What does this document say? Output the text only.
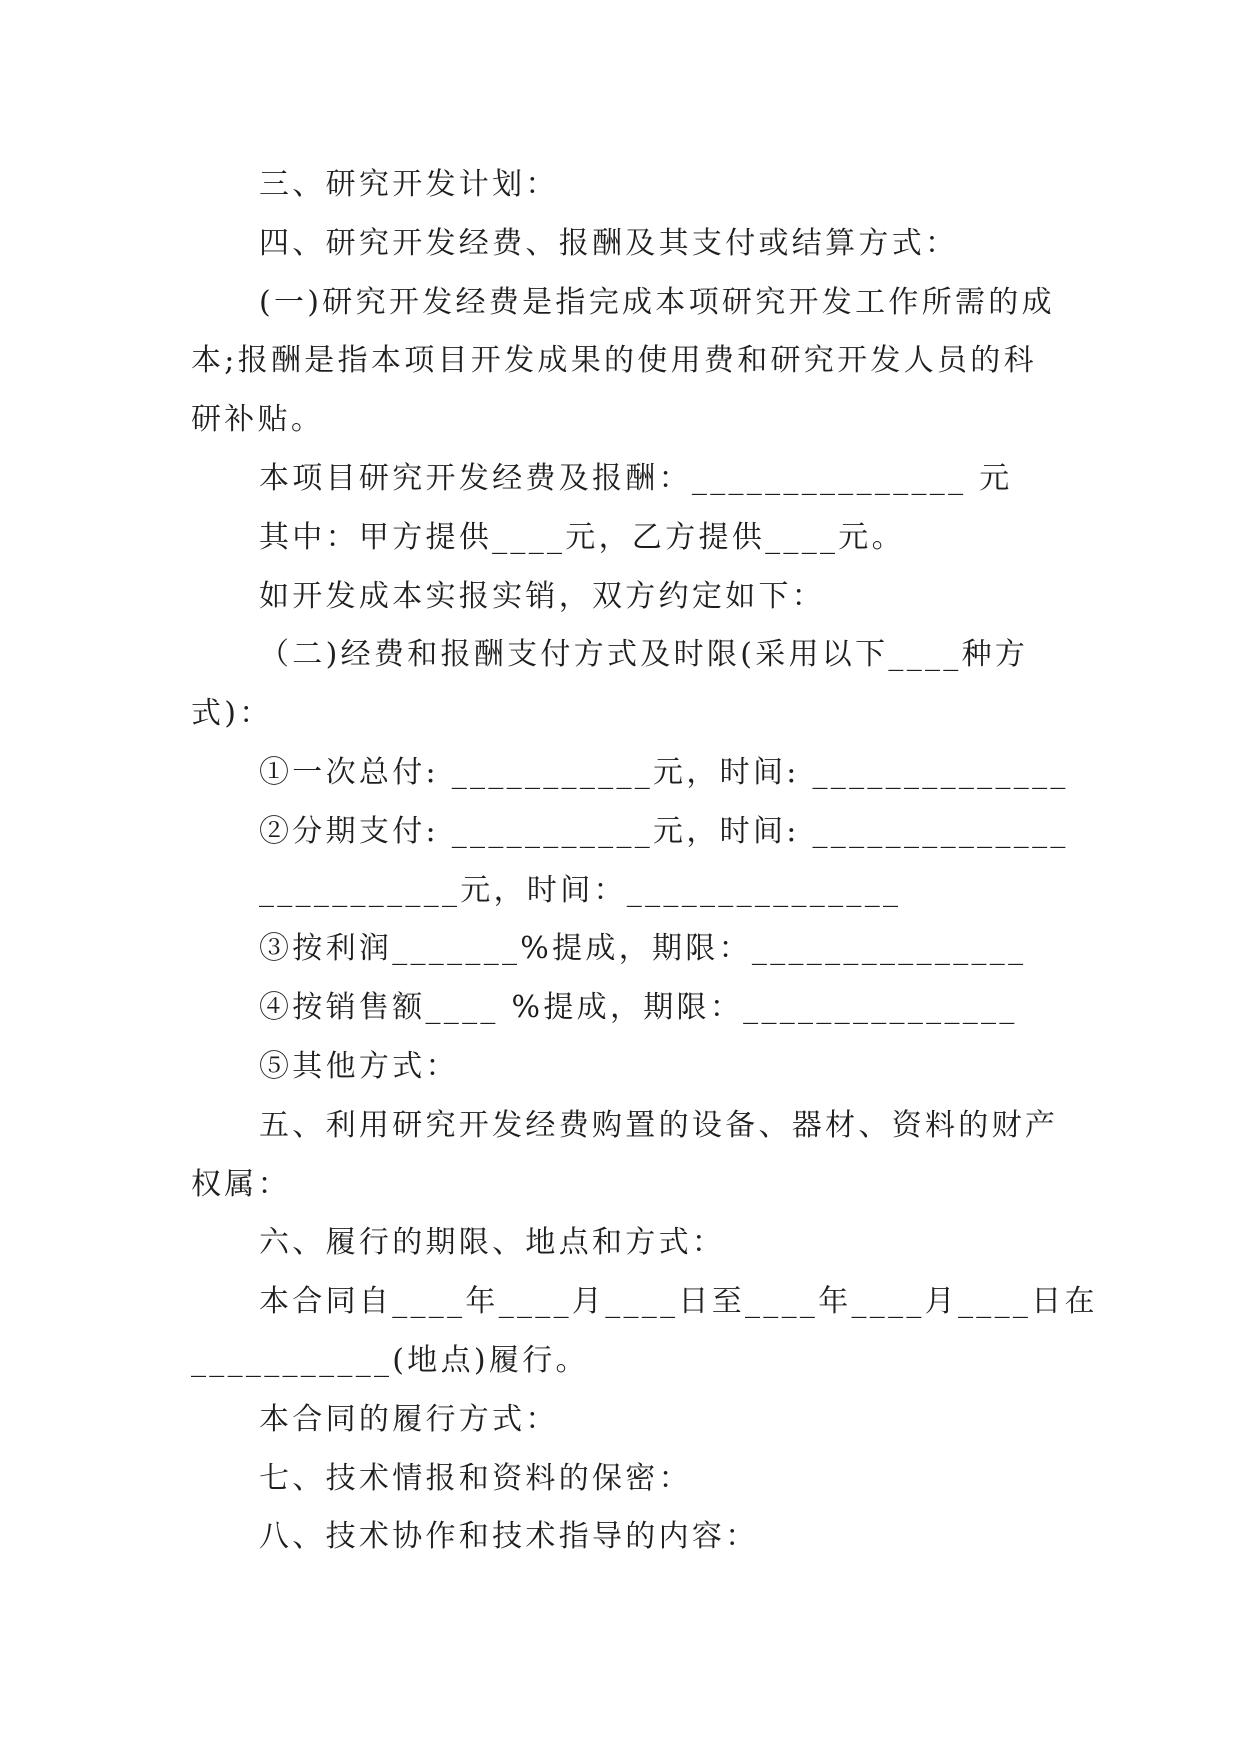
三、研究开发计划：

四、研究开发经费、报酬及其支付或结算方式：

(一)研究开发经费是指完成本项研究开发工作所需的成

本;报酬是指本项目开发成果的使用费和研究开发人员的科

研补贴。

本项目研究开发经费及报酬：_______________ 元

其中：甲方提供____元，乙方提供____元。

如开发成本实报实销，双方约定如下：

（二)经费和报酬支付方式及时限(采用以下____种方

式)：

①一次总付: ___________元，时间: ______________

②分期支付: ___________元，时间: ______________

___________元，时间：_______________

③按利润_______%提成，期限：_______________

④按销售额____ %提成，期限：_______________

⑤其他方式：

五、利用研究开发经费购置的设备、器材、资料的财产

权属：

六、履行的期限、地点和方式：

本合同自____年____月____日至____年____月____日在

___________(地点)履行。

本合同的履行方式：

七、技术情报和资料的保密：

八、技术协作和技术指导的内容：
